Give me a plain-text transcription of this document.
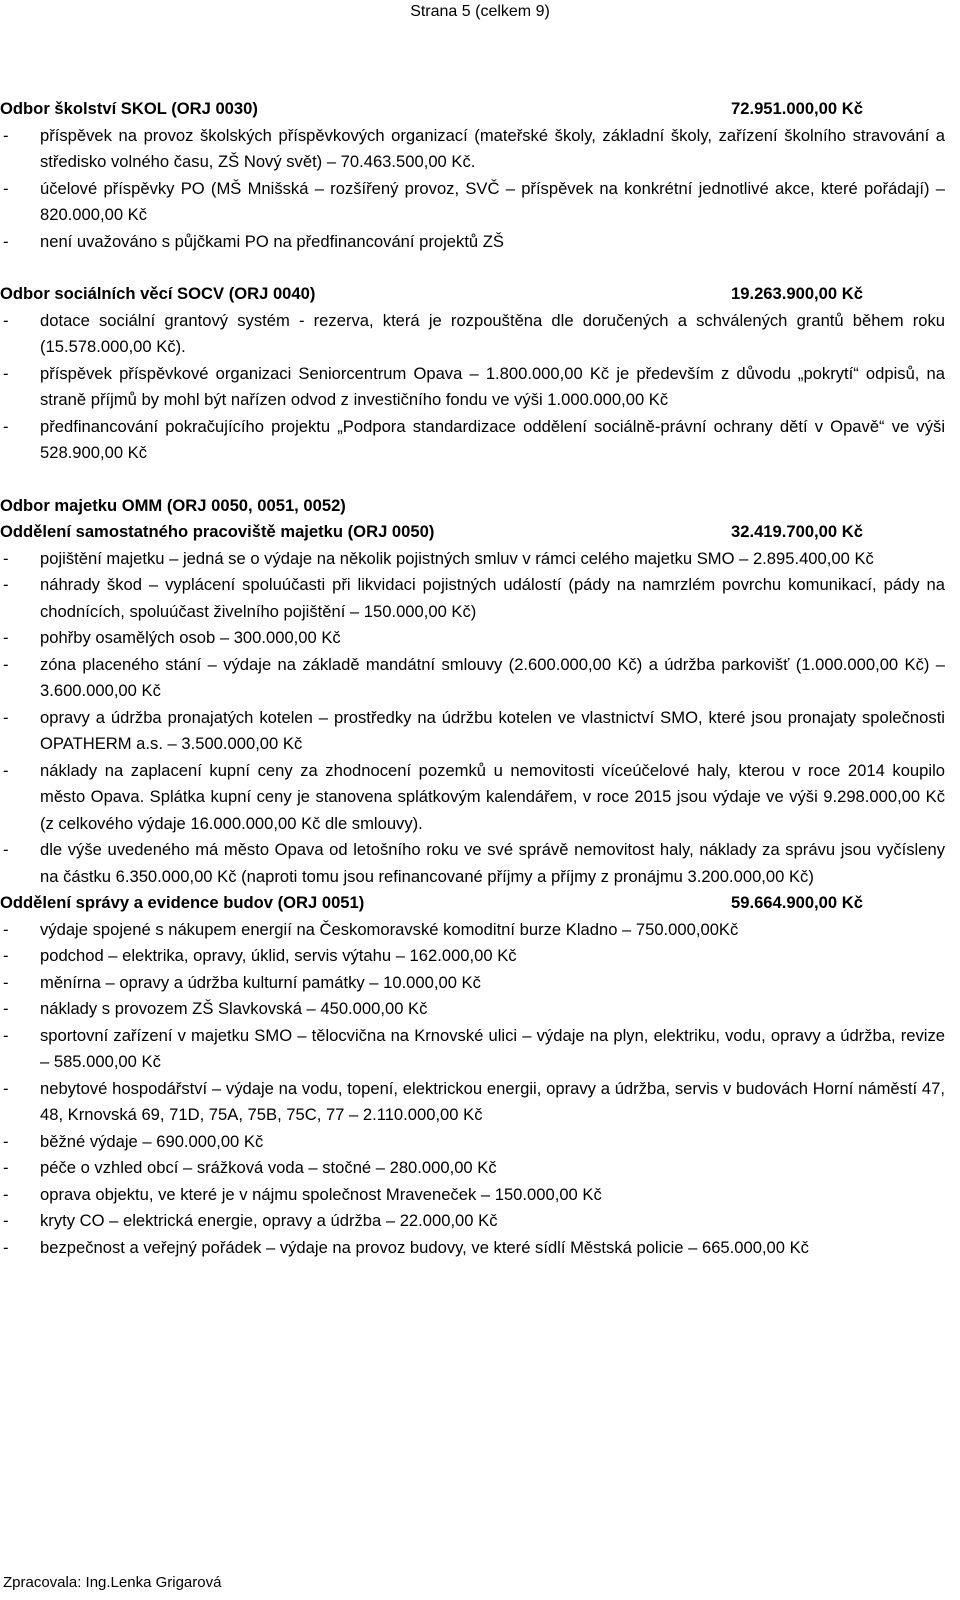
Strana 5 (celkem 9)
Odbor školství SKOL (ORJ 0030)	72.951.000,00 Kč
- příspěvek na provoz školských příspěvkových organizací (mateřské školy, základní školy, zařízení školního stravování a středisko volného času, ZŠ Nový svět) – 70.463.500,00 Kč.
- účelové příspěvky PO (MŠ Mnišská – rozšířený provoz, SVČ – příspěvek na konkrétní jednotlivé akce, které pořádají) – 820.000,00 Kč
- není uvažováno s půjčkami PO na předfinancování projektů ZŠ
Odbor sociálních věcí SOCV (ORJ 0040)	19.263.900,00 Kč
- dotace sociální grantový systém - rezerva, která je rozpouštěna dle doručených a schválených grantů během roku (15.578.000,00 Kč).
- příspěvek příspěvkové organizaci Seniorcentrum Opava – 1.800.000,00 Kč je především z důvodu „pokrytí“ odpisů, na straně příjmů by mohl být nařízen odvod z investičního fondu ve výši 1.000.000,00 Kč
- předfinancování pokračujícího projektu „Podpora standardizace oddělení sociálně-právní ochrany dětí v Opavě“ ve výši 528.900,00 Kč
Odbor majetku OMM (ORJ 0050, 0051, 0052)
Oddělení samostatného pracoviště majetku (ORJ 0050)	32.419.700,00 Kč
- pojištění majetku – jedná se o výdaje na několik pojistných smluv v rámci celého majetku SMO – 2.895.400,00 Kč
- náhrady škod – vyplácení spoluúčasti při likvidaci pojistných událostí (pády na namrzlém povrchu komunikací, pády na chodnících, spoluúčast živelního pojištění – 150.000,00 Kč)
- pohřby osamělých osob – 300.000,00 Kč
- zóna placeného stání – výdaje na základě mandátní smlouvy (2.600.000,00 Kč) a údržba parkovišť (1.000.000,00 Kč) – 3.600.000,00 Kč
- opravy a údržba pronajatých kotelen – prostředky na údržbu kotelen ve vlastnictví SMO, které jsou pronajaty společnosti OPATHERM a.s. – 3.500.000,00 Kč
- náklady na zaplacení kupní ceny za zhodnocení pozemků u nemovitosti víceúčelové haly, kterou v roce 2014 koupilo město Opava. Splátka kupní ceny je stanovena splátkovým kalendářem, v roce 2015 jsou výdaje ve výši 9.298.000,00 Kč (z celkového výdaje 16.000.000,00 Kč dle smlouvy).
- dle výše uvedeného má město Opava od letošního roku ve své správě nemovitost haly, náklady za správu jsou vyčísleny na částku 6.350.000,00 Kč (naproti tomu jsou refinancované příjmy a příjmy z pronájmu 3.200.000,00 Kč)
Oddělení správy a evidence budov (ORJ 0051)	59.664.900,00 Kč
- výdaje spojené s nákupem energií na Českomoravské komoditní burze Kladno – 750.000,00Kč
- podchod – elektrika, opravy, úklid, servis výtahu – 162.000,00 Kč
- měnírna – opravy a údržba kulturní památky – 10.000,00 Kč
- náklady s provozem ZŠ Slavkovská – 450.000,00 Kč
- sportovní zařízení v majetku SMO – tělocvična na Krnovské ulici – výdaje na plyn, elektriku, vodu, opravy a údržba, revize – 585.000,00 Kč
- nebytové hospodářství – výdaje na vodu, topení, elektrickou energii, opravy a údržba, servis v budovách Horní náměstí 47, 48, Krnovská 69, 71D, 75A, 75B, 75C, 77 – 2.110.000,00 Kč
- běžné výdaje – 690.000,00 Kč
- péče o vzhled obcí – srážková voda – stočné – 280.000,00 Kč
- oprava objektu, ve které je v nájmu společnost Mraveneček – 150.000,00 Kč
- kryty CO – elektrická energie, opravy a údržba – 22.000,00 Kč
- bezpečnost a veřejný pořádek – výdaje na provoz budovy, ve které sídlí Městská policie – 665.000,00 Kč
Zpracovala: Ing.Lenka Grigarová
